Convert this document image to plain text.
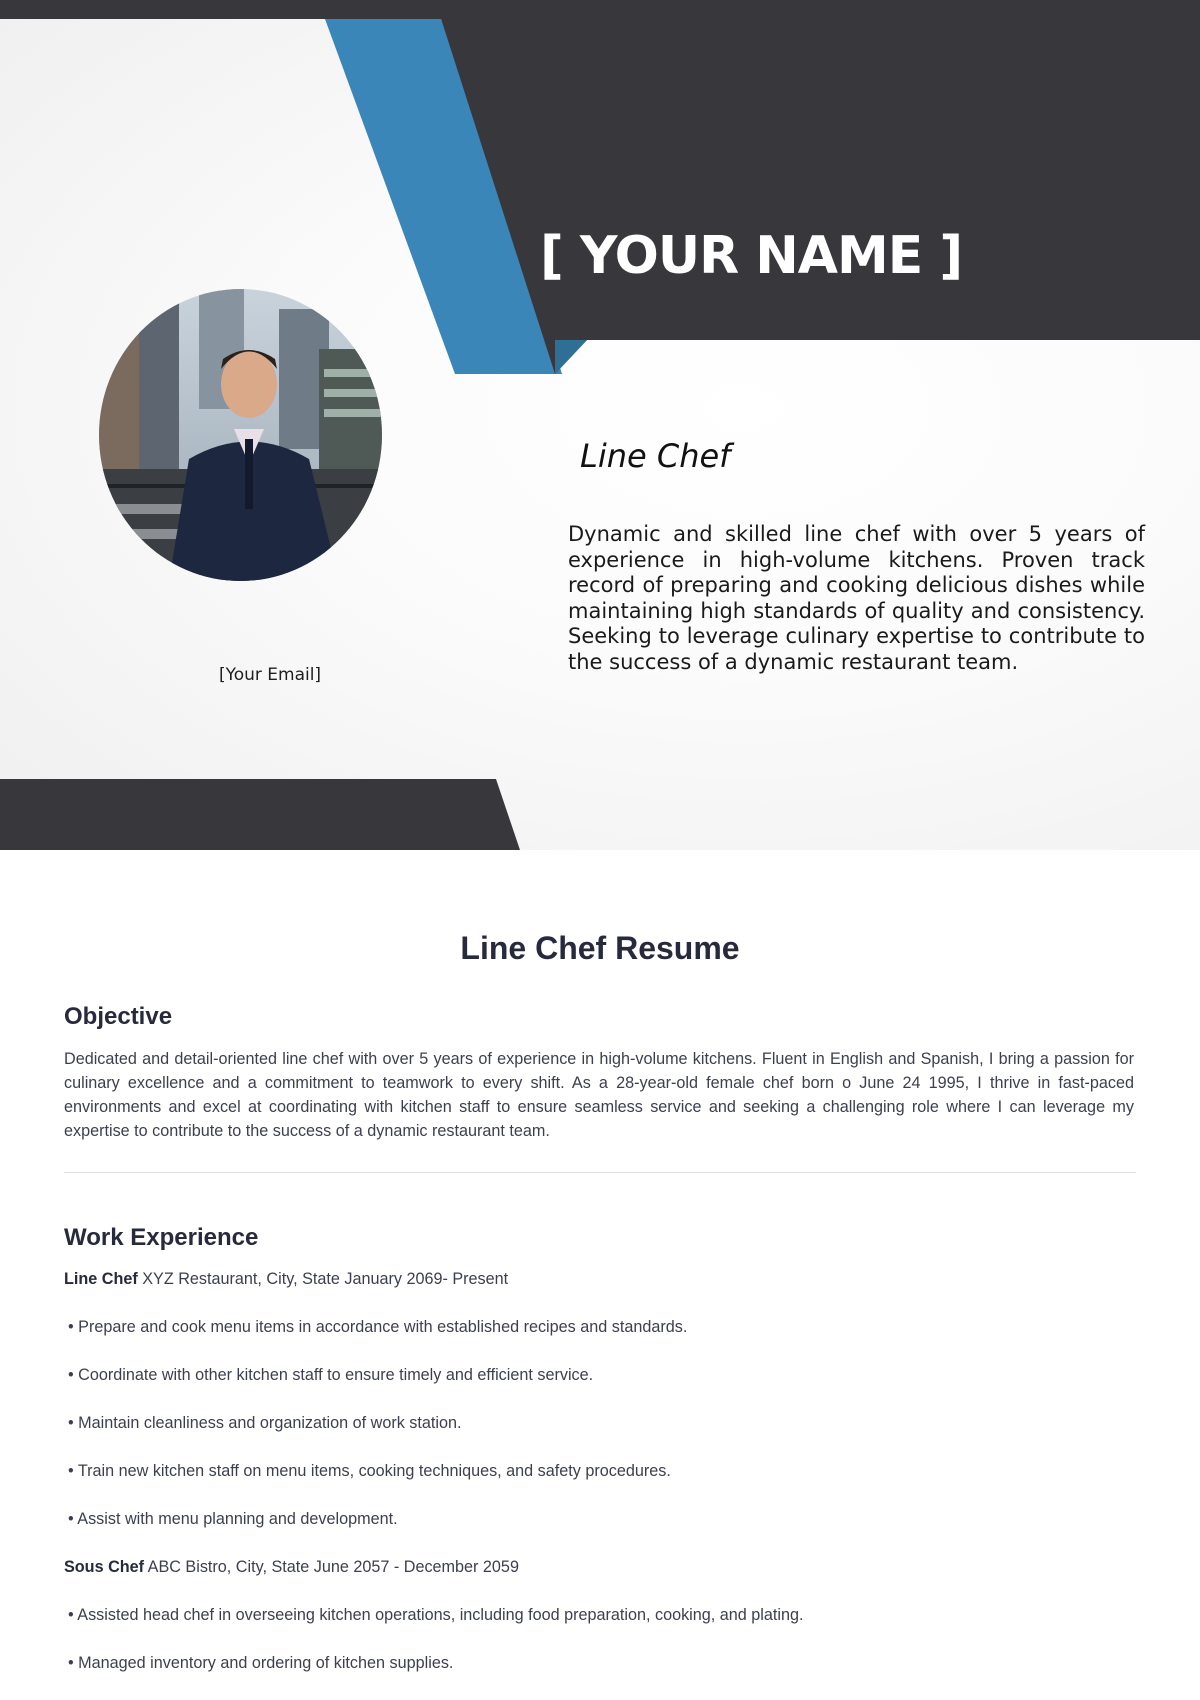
[ YOUR NAME ]
[Your Email]
Line Chef

Dynamic and skilled line chef with over 5 years of experience in high-volume kitchens. Proven track record of preparing and cooking delicious dishes while maintaining high standards of quality and consistency. Seeking to leverage culinary expertise to contribute to the success of a dynamic restaurant team.

Line Chef Resume
Objective

Dedicated and detail-oriented line chef with over 5 years of experience in high-volume kitchens. Fluent in English and Spanish, I bring a passion for culinary excellence and a commitment to teamwork to every shift. As a 28-year-old female chef born o June 24 1995, I thrive in fast-paced environments and excel at coordinating with kitchen staff to ensure seamless service and seeking a challenging role where I can leverage my expertise to contribute to the success of a dynamic restaurant team.

Work Experience

Line Chef XYZ Restaurant, City, State January 2069- Present

• Prepare and cook menu items in accordance with established recipes and standards.

• Coordinate with other kitchen staff to ensure timely and efficient service.

• Maintain cleanliness and organization of work station.

• Train new kitchen staff on menu items, cooking techniques, and safety procedures.

• Assist with menu planning and development.

Sous Chef ABC Bistro, City, State June 2057 - December 2059

• Assisted head chef in overseeing kitchen operations, including food preparation, cooking, and plating.

• Managed inventory and ordering of kitchen supplies.
